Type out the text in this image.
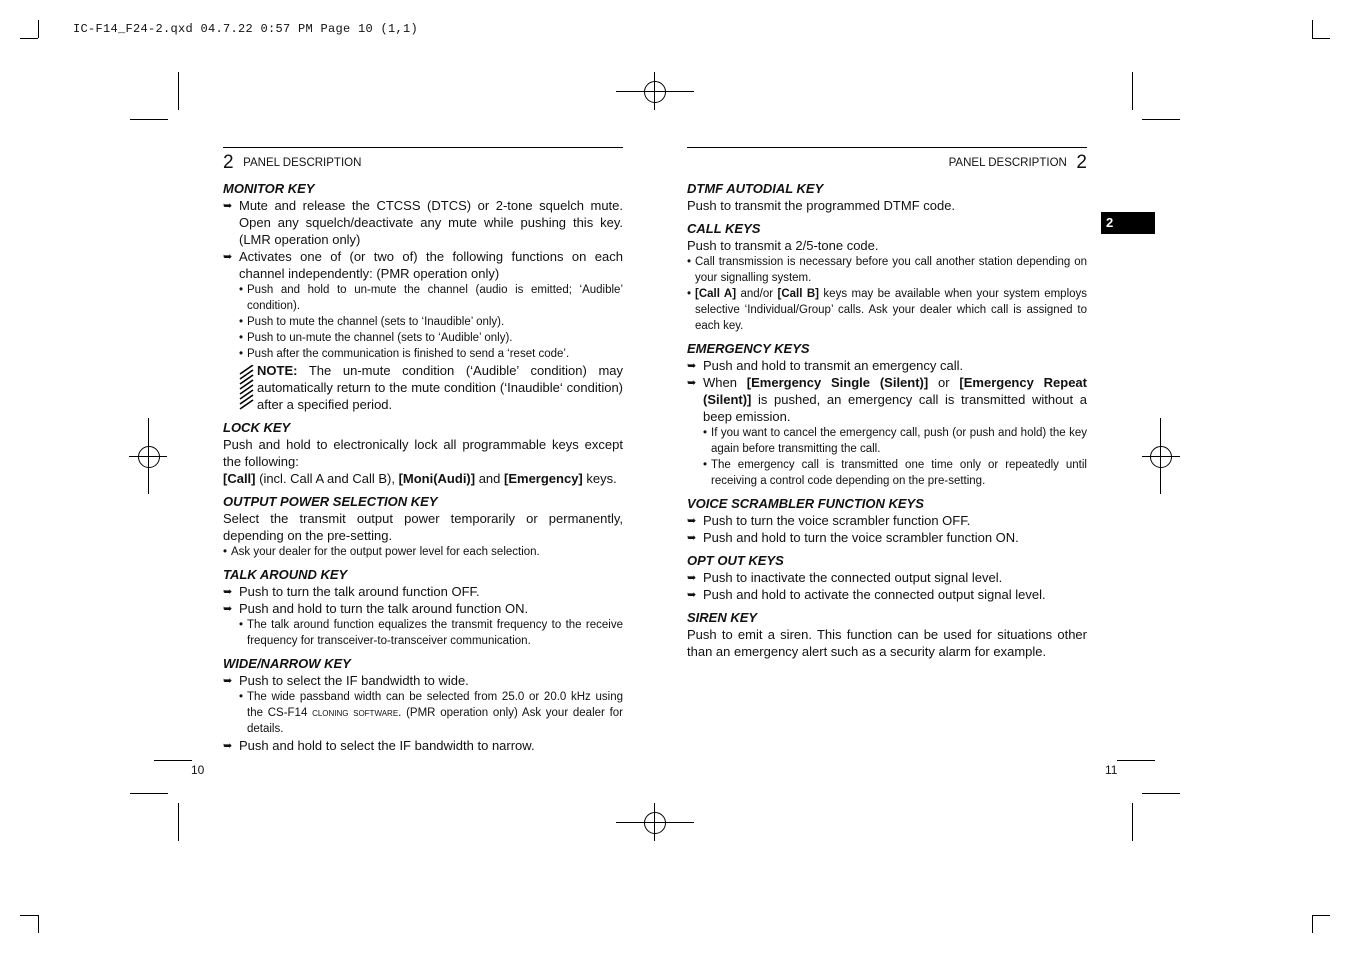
IC-F14_F24-2.qxd 04.7.22 0:57 PM Page 10 (1,1)
2 PANEL DESCRIPTION
MONITOR KEY
➥ Mute and release the CTCSS (DTCS) or 2-tone squelch mute. Open any squelch/deactivate any mute while pushing this key. (LMR operation only)
➥ Activates one of (or two of) the following functions on each channel independently: (PMR operation only)
• Push and hold to un-mute the channel (audio is emitted; ‘Audible’ condition).
• Push to mute the channel (sets to ‘Inaudible’ only).
• Push to un-mute the channel (sets to ‘Audible’ only).
• Push after the communication is finished to send a ‘reset code’.
NOTE: The un-mute condition (‘Audible’ condition) may automatically return to the mute condition (‘Inaudible‘ condition) after a specified period.
LOCK KEY

Push and hold to electronically lock all programmable keys except the following:

[Call] (incl. Call A and Call B), [Moni(Audi)] and [Emergency] keys.

OUTPUT POWER SELECTION KEY

Select the transmit output power temporarily or permanently, depending on the pre-setting.

• Ask your dealer for the output power level for each selection.
TALK AROUND KEY
➥ Push to turn the talk around function OFF.
➥ Push and hold to turn the talk around function ON.
• The talk around function equalizes the transmit frequency to the receive frequency for transceiver-to-transceiver communication.
WIDE/NARROW KEY
➥ Push to select the IF bandwidth to wide.
• The wide passband width can be selected from 25.0 or 20.0 kHz using the CS-F14 cloning software. (PMR operation only) Ask your dealer for details.
➥ Push and hold to select the IF bandwidth to narrow.
10
PANEL DESCRIPTION 2
2
DTMF AUTODIAL KEY

Push to transmit the programmed DTMF code.

CALL KEYS

Push to transmit a 2/5-tone code.

• Call transmission is necessary before you call another station depending on your signalling system.
• [Call A] and/or [Call B] keys may be available when your system employs selective ‘Individual/Group’ calls. Ask your dealer which call is assigned to each key.
EMERGENCY KEYS
➥ Push and hold to transmit an emergency call.
➥ When [Emergency Single (Silent)] or [Emergency Repeat (Silent)] is pushed, an emergency call is transmitted without a beep emission.
• If you want to cancel the emergency call, push (or push and hold) the key again before transmitting the call.
• The emergency call is transmitted one time only or repeatedly until receiving a control code depending on the pre-setting.
VOICE SCRAMBLER FUNCTION KEYS
➥ Push to turn the voice scrambler function OFF.
➥ Push and hold to turn the voice scrambler function ON.
OPT OUT KEYS
➥ Push to inactivate the connected output signal level.
➥ Push and hold to activate the connected output signal level.
SIREN KEY

Push to emit a siren. This function can be used for situations other than an emergency alert such as a security alarm for example.

11
